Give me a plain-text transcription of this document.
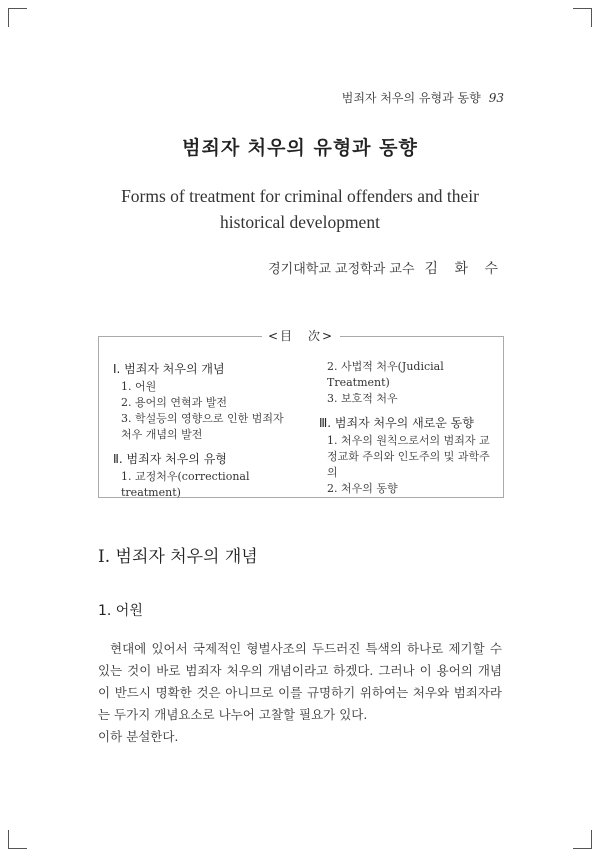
범죄자 처우의 유형과 동향 93
범죄자 처우의 유형과 동향
Forms of treatment for criminal offenders and their historical development
경기대학교 교정학과 교수 김 화 수
<目　次>
Ⅰ. 범죄자 처우의 개념
1. 어원
2. 용어의 연혁과 발전
3. 학설등의 영향으로 인한 범죄자처우 개념의 발전
Ⅱ. 범죄자 처우의 유형
1. 교정처우(correctional treatment)
2. 사법적 처우(Judicial Treatment)
3. 보호적 처우
Ⅲ. 범죄자 처우의 새로운 동향
1. 처우의 원칙으로서의 범죄자 교정교화 주의와 인도주의 및 과학주의
2. 처우의 동향
Ⅰ. 범죄자 처우의 개념
1. 어원

현대에 있어서 국제적인 형벌사조의 두드러진 특색의 하나로 제기할 수 있는 것이 바로 범죄자 처우의 개념이라고 하겠다. 그러나 이 용어의 개념이 반드시 명확한 것은 아니므로 이를 규명하기 위하여는 처우와 범죄자라는 두가지 개념요소로 나누어 고찰할 필요가 있다.

이하 분설한다.
